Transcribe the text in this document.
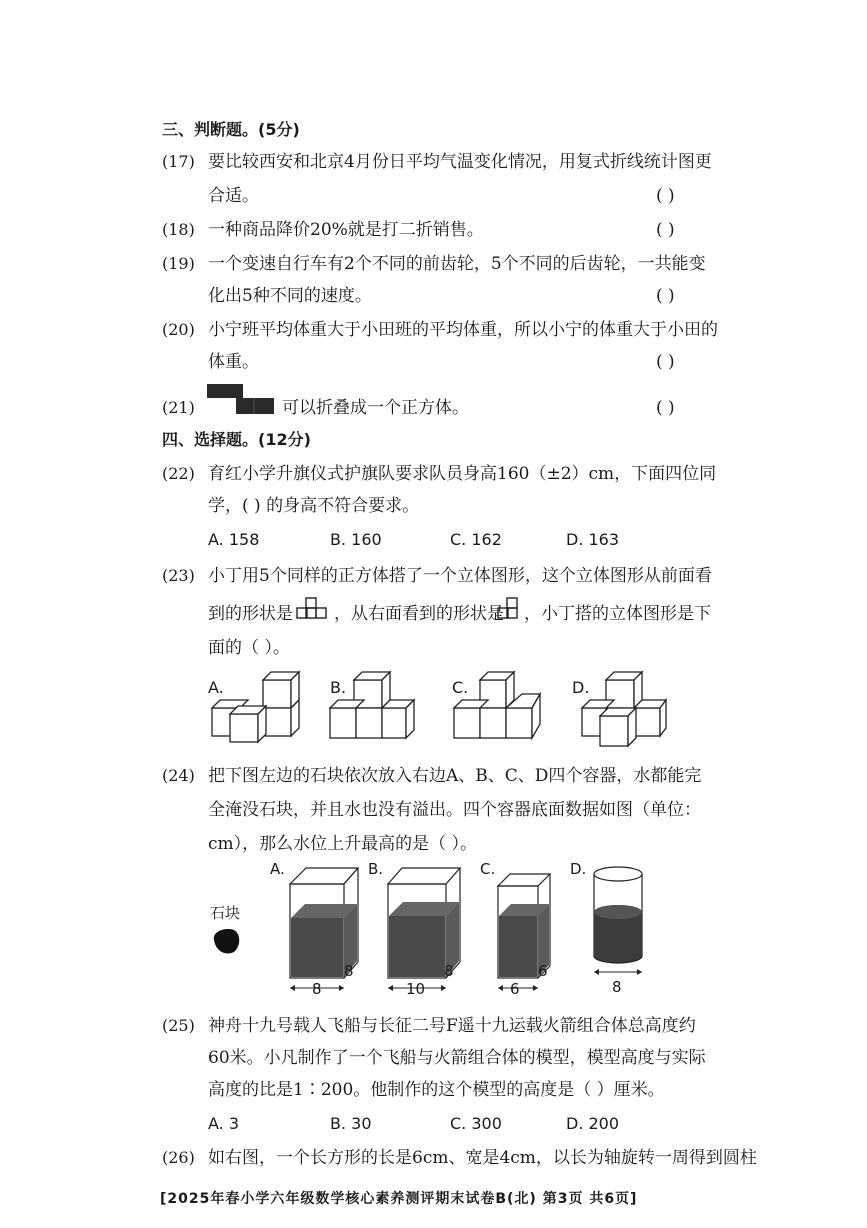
三、判断题。(5分)
(17) 要比较西安和北京4月份日平均气温变化情况，用复式折线统计图更
合适。	( )
(18) 一种商品降价20%就是打二折销售。	( )
(19) 一个变速自行车有2个不同的前齿轮，5个不同的后齿轮，一共能变
化出5种不同的速度。	( )
(20) 小宁班平均体重大于小田班的平均体重，所以小宁的体重大于小田的
体重。	( )
(21)	可以折叠成一个正方体。	( )
四、选择题。(12分)
(22) 育红小学升旗仪式护旗队要求队员身高160（±2）cm，下面四位同
学，( ) 的身高不符合要求。
A. 158	B. 160	C. 162	D. 163
(23) 小丁用5个同样的正方体搭了一个立体图形，这个立体图形从前面看
到的形状是 ，从右面看到的形状是 ，小丁搭的立体图形是下
面的（ ）。
A.	B.	C.	D.
(24) 把下图左边的石块依次放入右边A、B、C、D四个容器，水都能完
全淹没石块，并且水也没有溢出。四个容器底面数据如图（单位：
cm），那么水位上升最高的是（ ）。
石块
A.
8
8
B.
10
8
C.
6
6
D.
8
(25) 神舟十九号载人飞船与长征二号F遥十九运载火箭组合体总高度约
60米。小凡制作了一个飞船与火箭组合体的模型，模型高度与实际
高度的比是1∶200。他制作的这个模型的高度是（ ）厘米。
A. 3	B. 30	C. 300	D. 200
(26) 如右图，一个长方形的长是6cm、宽是4cm，以长为轴旋转一周得到圆柱
[2025年春小学六年级数学核心素养测评期末试卷B(北) 第3页 共6页]
